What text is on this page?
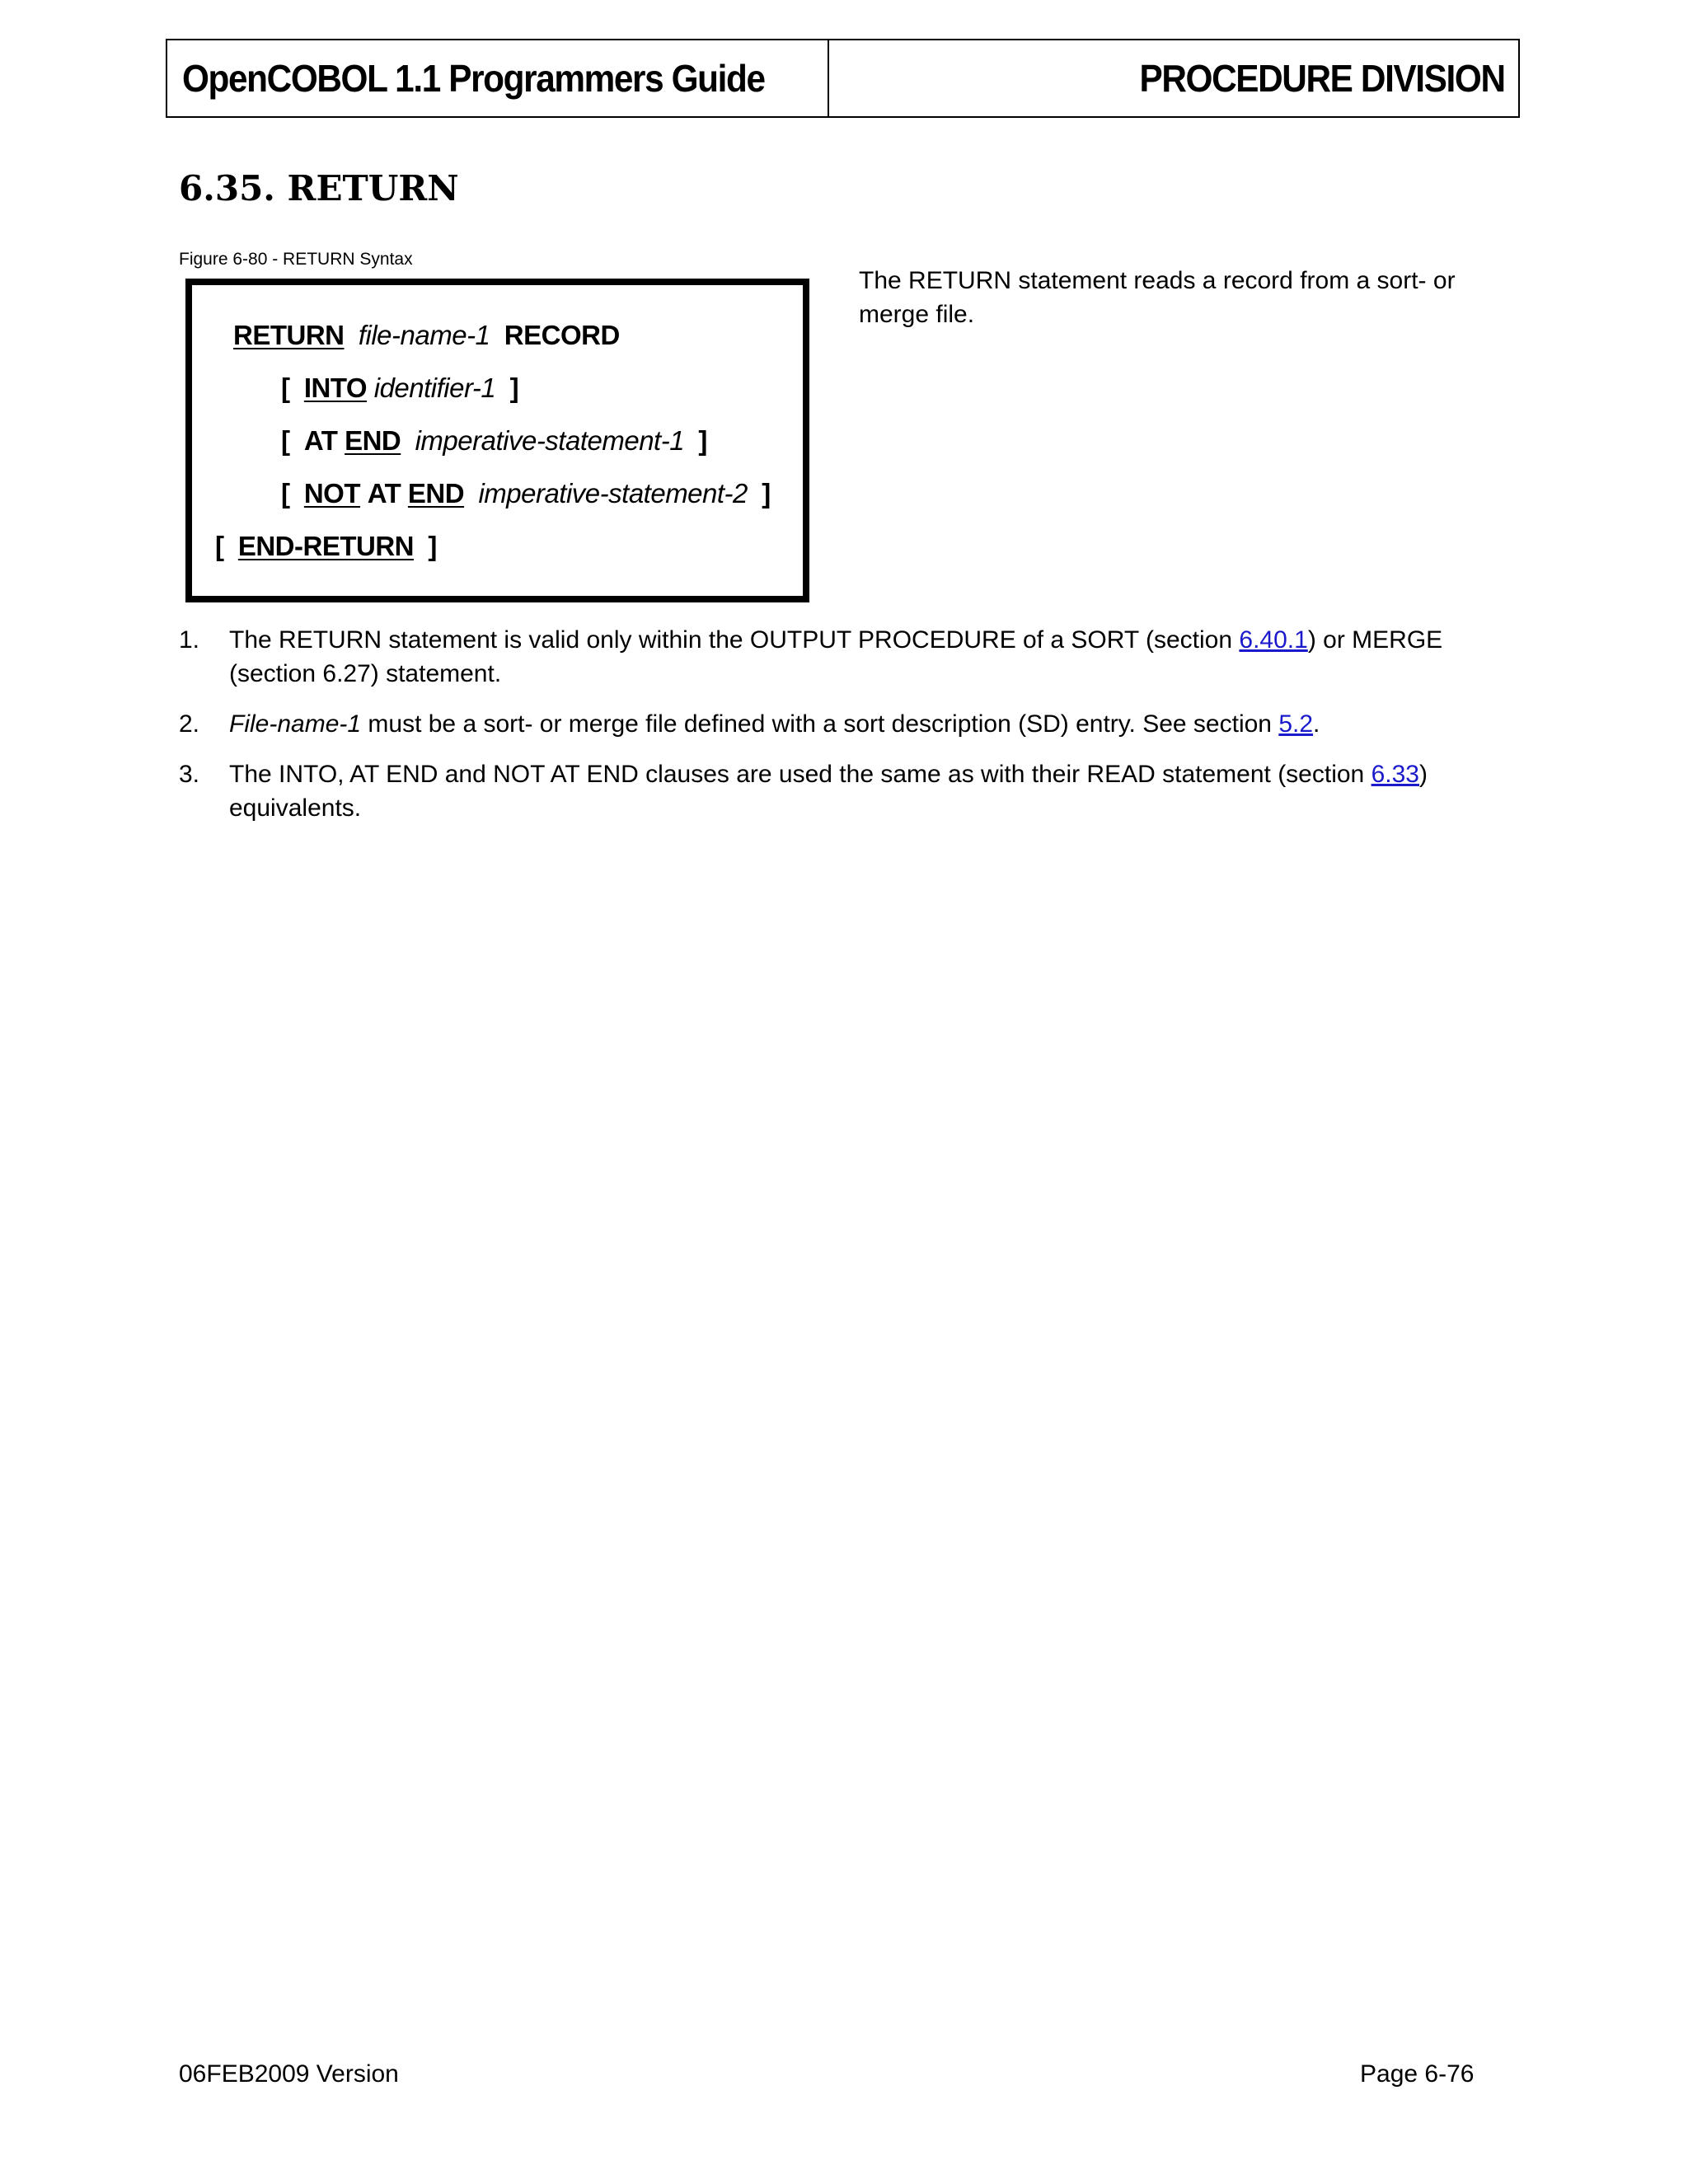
OpenCOBOL 1.1 Programmers Guide	PROCEDURE DIVISION
6.35. RETURN
Figure 6-80 - RETURN Syntax
RETURN file-name-1 RECORD
[ INTO identifier-1 ]
[ AT END imperative-statement-1 ]
[ NOT AT END imperative-statement-2 ]
[ END-RETURN ]
The RETURN statement reads a record from a sort- or merge file.
1. The RETURN statement is valid only within the OUTPUT PROCEDURE of a SORT (section 6.40.1) or MERGE (section 6.27) statement.
2. File-name-1 must be a sort- or merge file defined with a sort description (SD) entry. See section 5.2.
3. The INTO, AT END and NOT AT END clauses are used the same as with their READ statement (section 6.33) equivalents.
06FEB2009 Version	Page 6-76
